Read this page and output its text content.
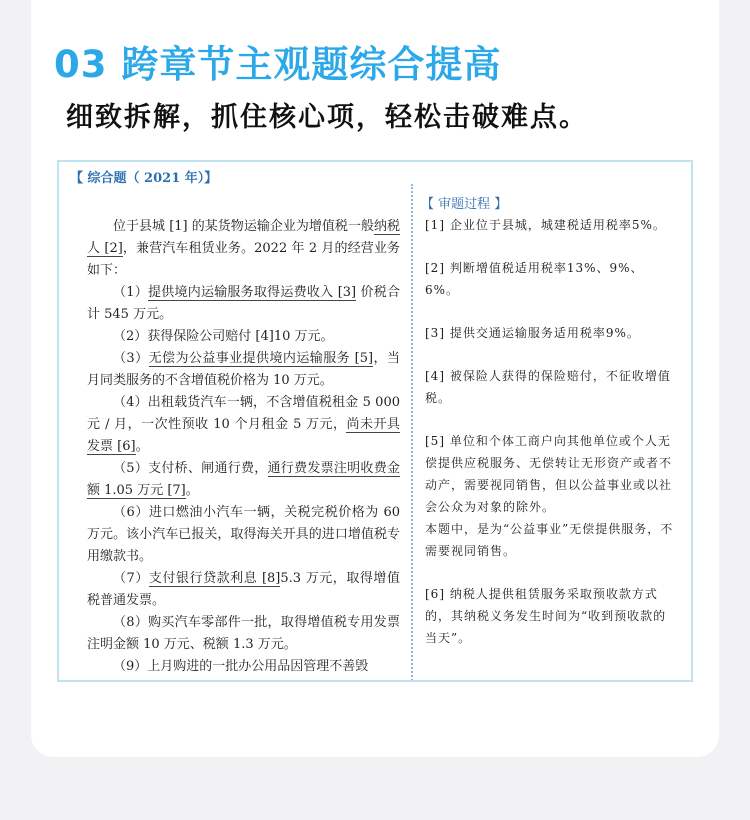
03 跨章节主观题综合提高
细致拆解，抓住核心项，轻松击破难点。
【 综合题（ 2021 年）】

位于县城 [1] 的某货物运输企业为增值税一般纳税人 [2]，兼营汽车租赁业务。2022 年 2 月的经营业务如下：

（1）提供境内运输服务取得运费收入 [3] 价税合计 545 万元。

（2）获得保险公司赔付 [4]10 万元。

（3）无偿为公益事业提供境内运输服务 [5]，当月同类服务的不含增值税价格为 10 万元。

（4）出租载货汽车一辆，不含增值税租金 5 000 元 / 月，一次性预收 10 个月租金 5 万元，尚未开具发票 [6]。

（5）支付桥、闸通行费，通行费发票注明收费金额 1.05 万元 [7]。

（6）进口燃油小汽车一辆，关税完税价格为 60 万元。该小汽车已报关，取得海关开具的进口增值税专用缴款书。

（7）支付银行贷款利息 [8]5.3 万元，取得增值税普通发票。

（8）购买汽车零部件一批，取得增值税专用发票注明金额 10 万元、税额 1.3 万元。

（9）上月购进的一批办公用品因管理不善毁

【 审题过程 】
[1] 企业位于县城，城建税适用税率5%。
[2] 判断增值税适用税率13%、9%、6%。
[3] 提供交通运输服务适用税率9%。
[4] 被保险人获得的保险赔付，不征收增值税。
[5] 单位和个体工商户向其他单位或个人无偿提供应税服务、无偿转让无形资产或者不动产，需要视同销售，但以公益事业或以社会公众为对象的除外。
本题中，是为“公益事业”无偿提供服务，不需要视同销售。
[6] 纳税人提供租赁服务采取预收款方式的，其纳税义务发生时间为“收到预收款的当天”。
